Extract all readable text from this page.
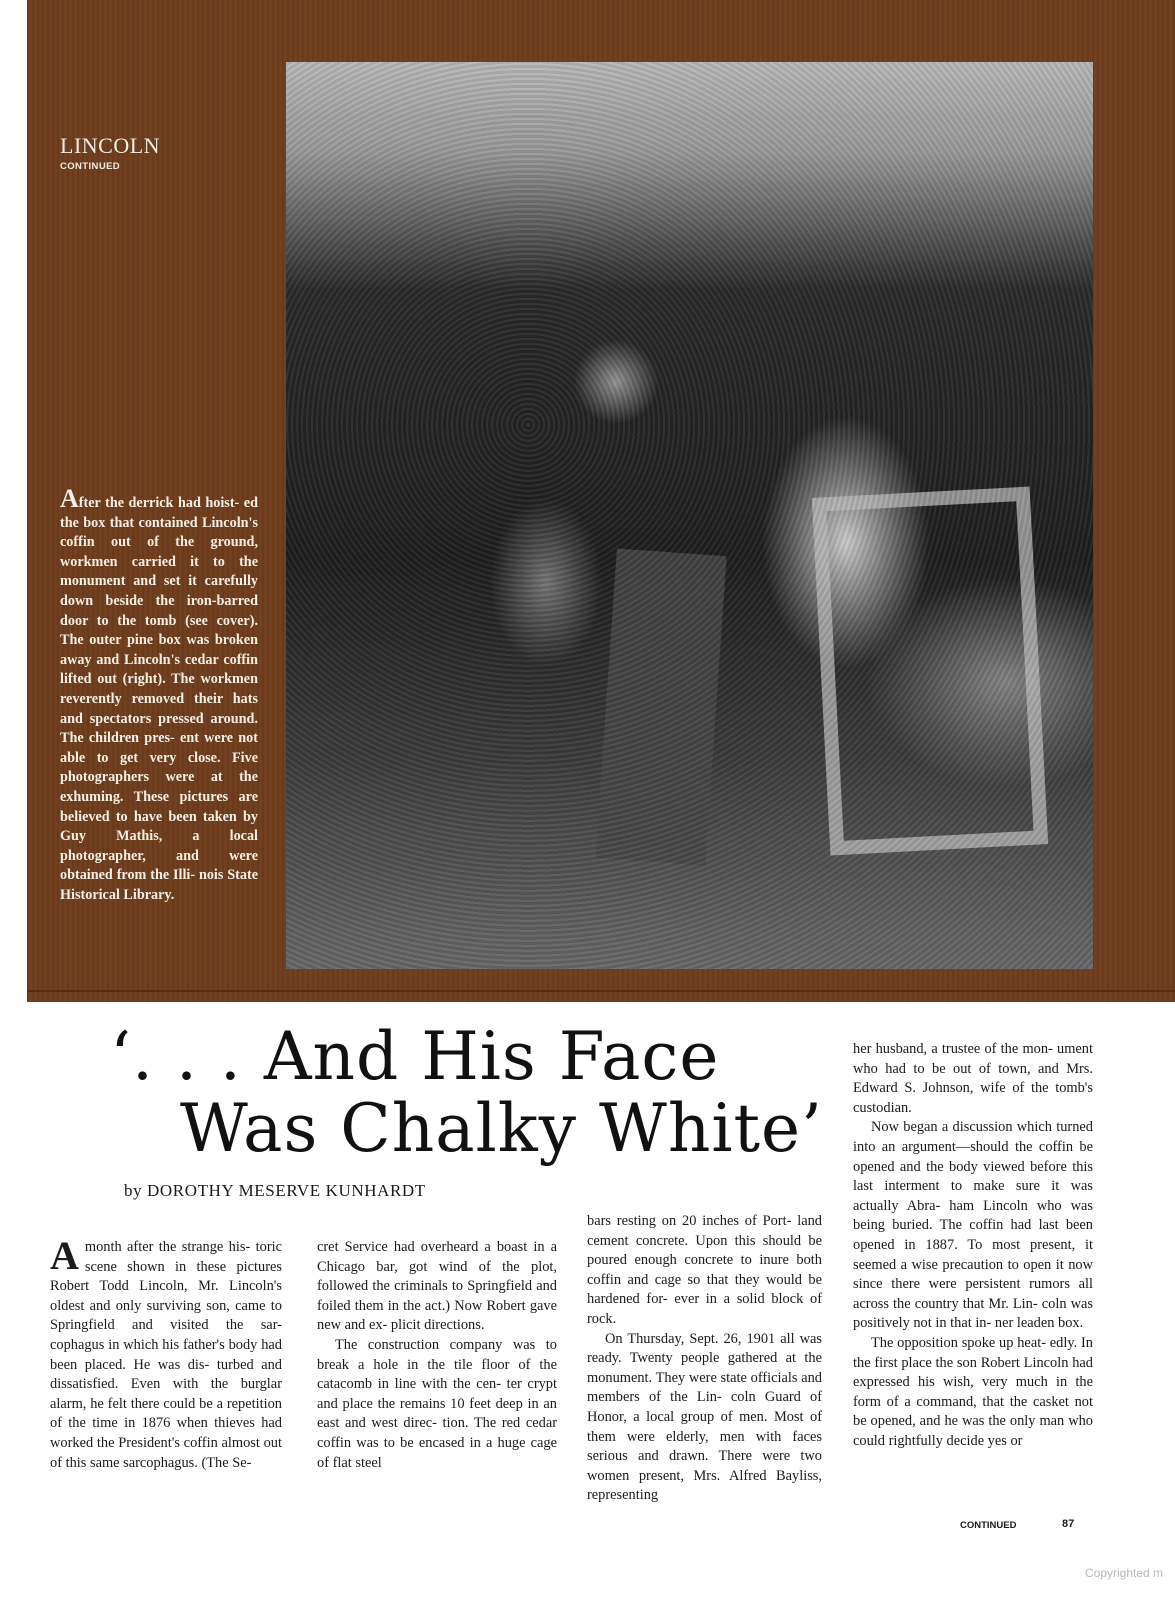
LINCOLN
CONTINUED
After the derrick had hoist- ed the box that contained Lincoln's coffin out of the ground, workmen carried it to the monument and set it carefully down beside the iron-barred door to the tomb (see cover). The outer pine box was broken away and Lincoln's cedar coffin lifted out (right). The workmen reverently removed their hats and spectators pressed around. The children pres- ent were not able to get very close. Five photographers were at the exhuming. These pictures are believed to have been taken by Guy Mathis, a local photographer, and were obtained from the Illi- nois State Historical Library.
‘. . . And His Face
Was Chalky White’
by DOROTHY MESERVE KUNHARDT

Amonth after the strange his- toric scene shown in these pictures Robert Todd Lincoln, Mr. Lincoln's oldest and only surviving son, came to Springfield and visited the sar- cophagus in which his father's body had been placed. He was dis- turbed and dissatisfied. Even with the burglar alarm, he felt there could be a repetition of the time in 1876 when thieves had worked the President's coffin almost out of this same sarcophagus. (The Se-

cret Service had overheard a boast in a Chicago bar, got wind of the plot, followed the criminals to Springfield and foiled them in the act.) Now Robert gave new and ex- plicit directions.

The construction company was to break a hole in the tile floor of the catacomb in line with the cen- ter crypt and place the remains 10 feet deep in an east and west direc- tion. The red cedar coffin was to be encased in a huge cage of flat steel

bars resting on 20 inches of Port- land cement concrete. Upon this should be poured enough concrete to inure both coffin and cage so that they would be hardened for- ever in a solid block of rock.

On Thursday, Sept. 26, 1901 all was ready. Twenty people gathered at the monument. They were state officials and members of the Lin- coln Guard of Honor, a local group of men. Most of them were elderly, men with faces serious and drawn. There were two women present, Mrs. Alfred Bayliss, representing

her husband, a trustee of the mon- ument who had to be out of town, and Mrs. Edward S. Johnson, wife of the tomb's custodian.

Now began a discussion which turned into an argument—should the coffin be opened and the body viewed before this last interment to make sure it was actually Abra- ham Lincoln who was being buried. The coffin had last been opened in 1887. To most present, it seemed a wise precaution to open it now since there were persistent rumors all across the country that Mr. Lin- coln was positively not in that in- ner leaden box.

The opposition spoke up heat- edly. In the first place the son Robert Lincoln had expressed his wish, very much in the form of a command, that the casket not be opened, and he was the only man who could rightfully decide yes or

CONTINUED	87
Copyrighted m
